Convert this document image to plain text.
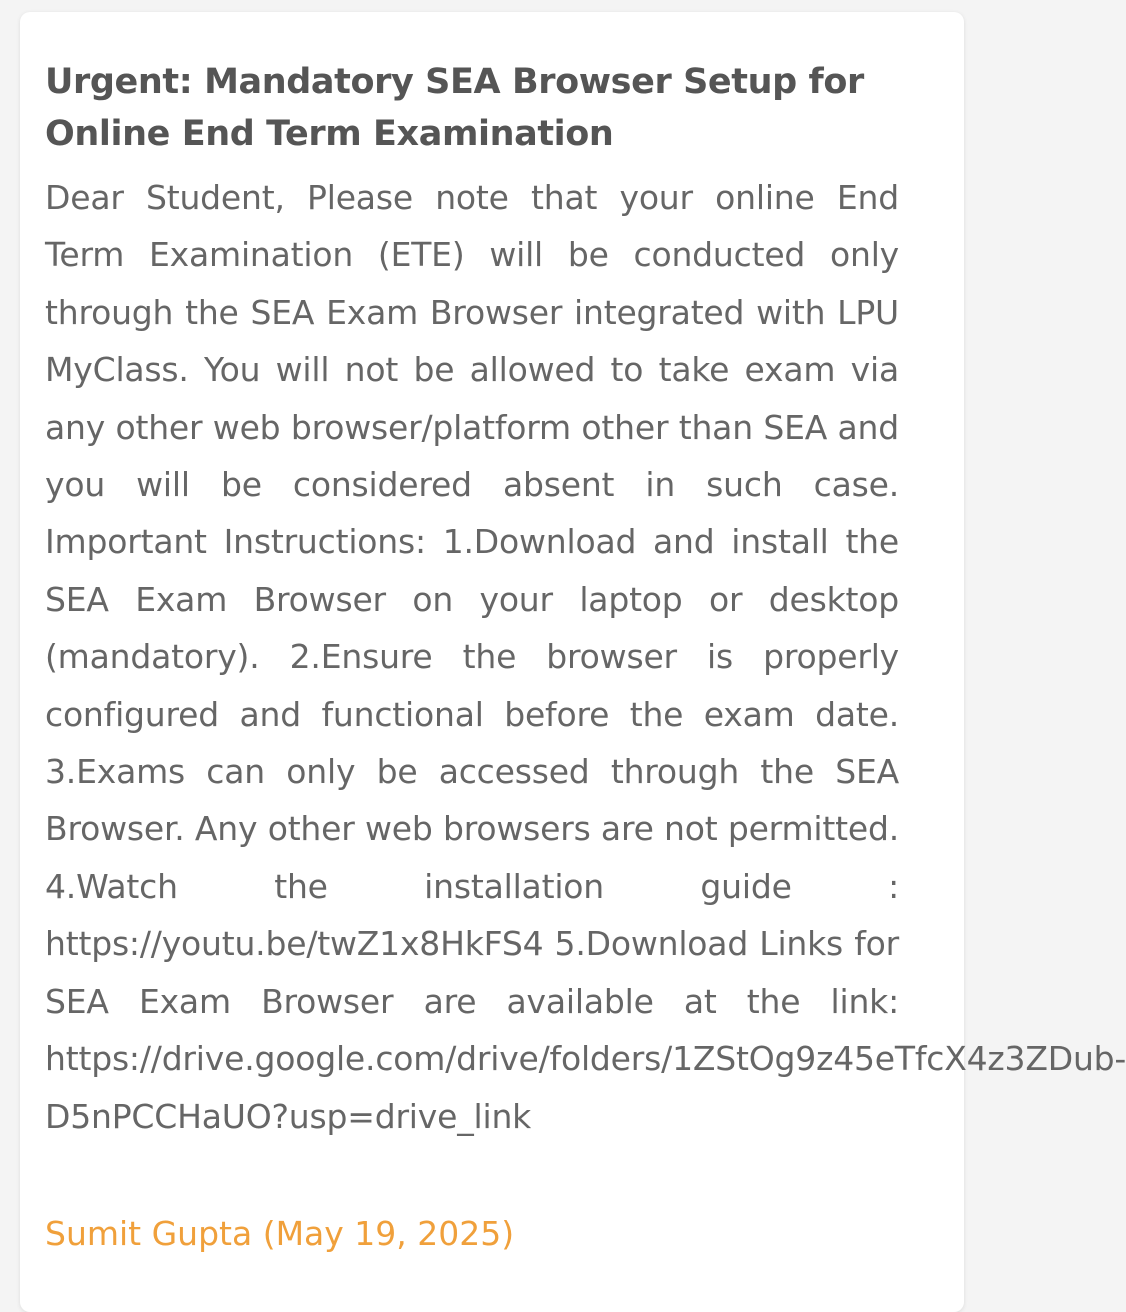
Urgent: Mandatory SEA Browser Setup for Online End Term Examination

Dear Student, Please note that your online End Term Examination (ETE) will be conducted only through the SEA Exam Browser integrated with LPU MyClass. You will not be allowed to take exam via any other web browser/platform other than SEA and you will be considered absent in such case. Important Instructions: 1.Download and install the SEA Exam Browser on your laptop or desktop (mandatory). 2.Ensure the browser is properly configured and functional before the exam date. 3.Exams can only be accessed through the SEA Browser. Any other web browsers are not permitted. 4.Watch the installation guide : https://youtu.be/twZ1x8HkFS4 5.Download Links for SEA Exam Browser are available at the link: https://drive.google.com/drive/folders/1ZStOg9z45eTfcX4z3ZDub-D5nPCCHaUO?usp=drive_link

Sumit Gupta (May 19, 2025)
